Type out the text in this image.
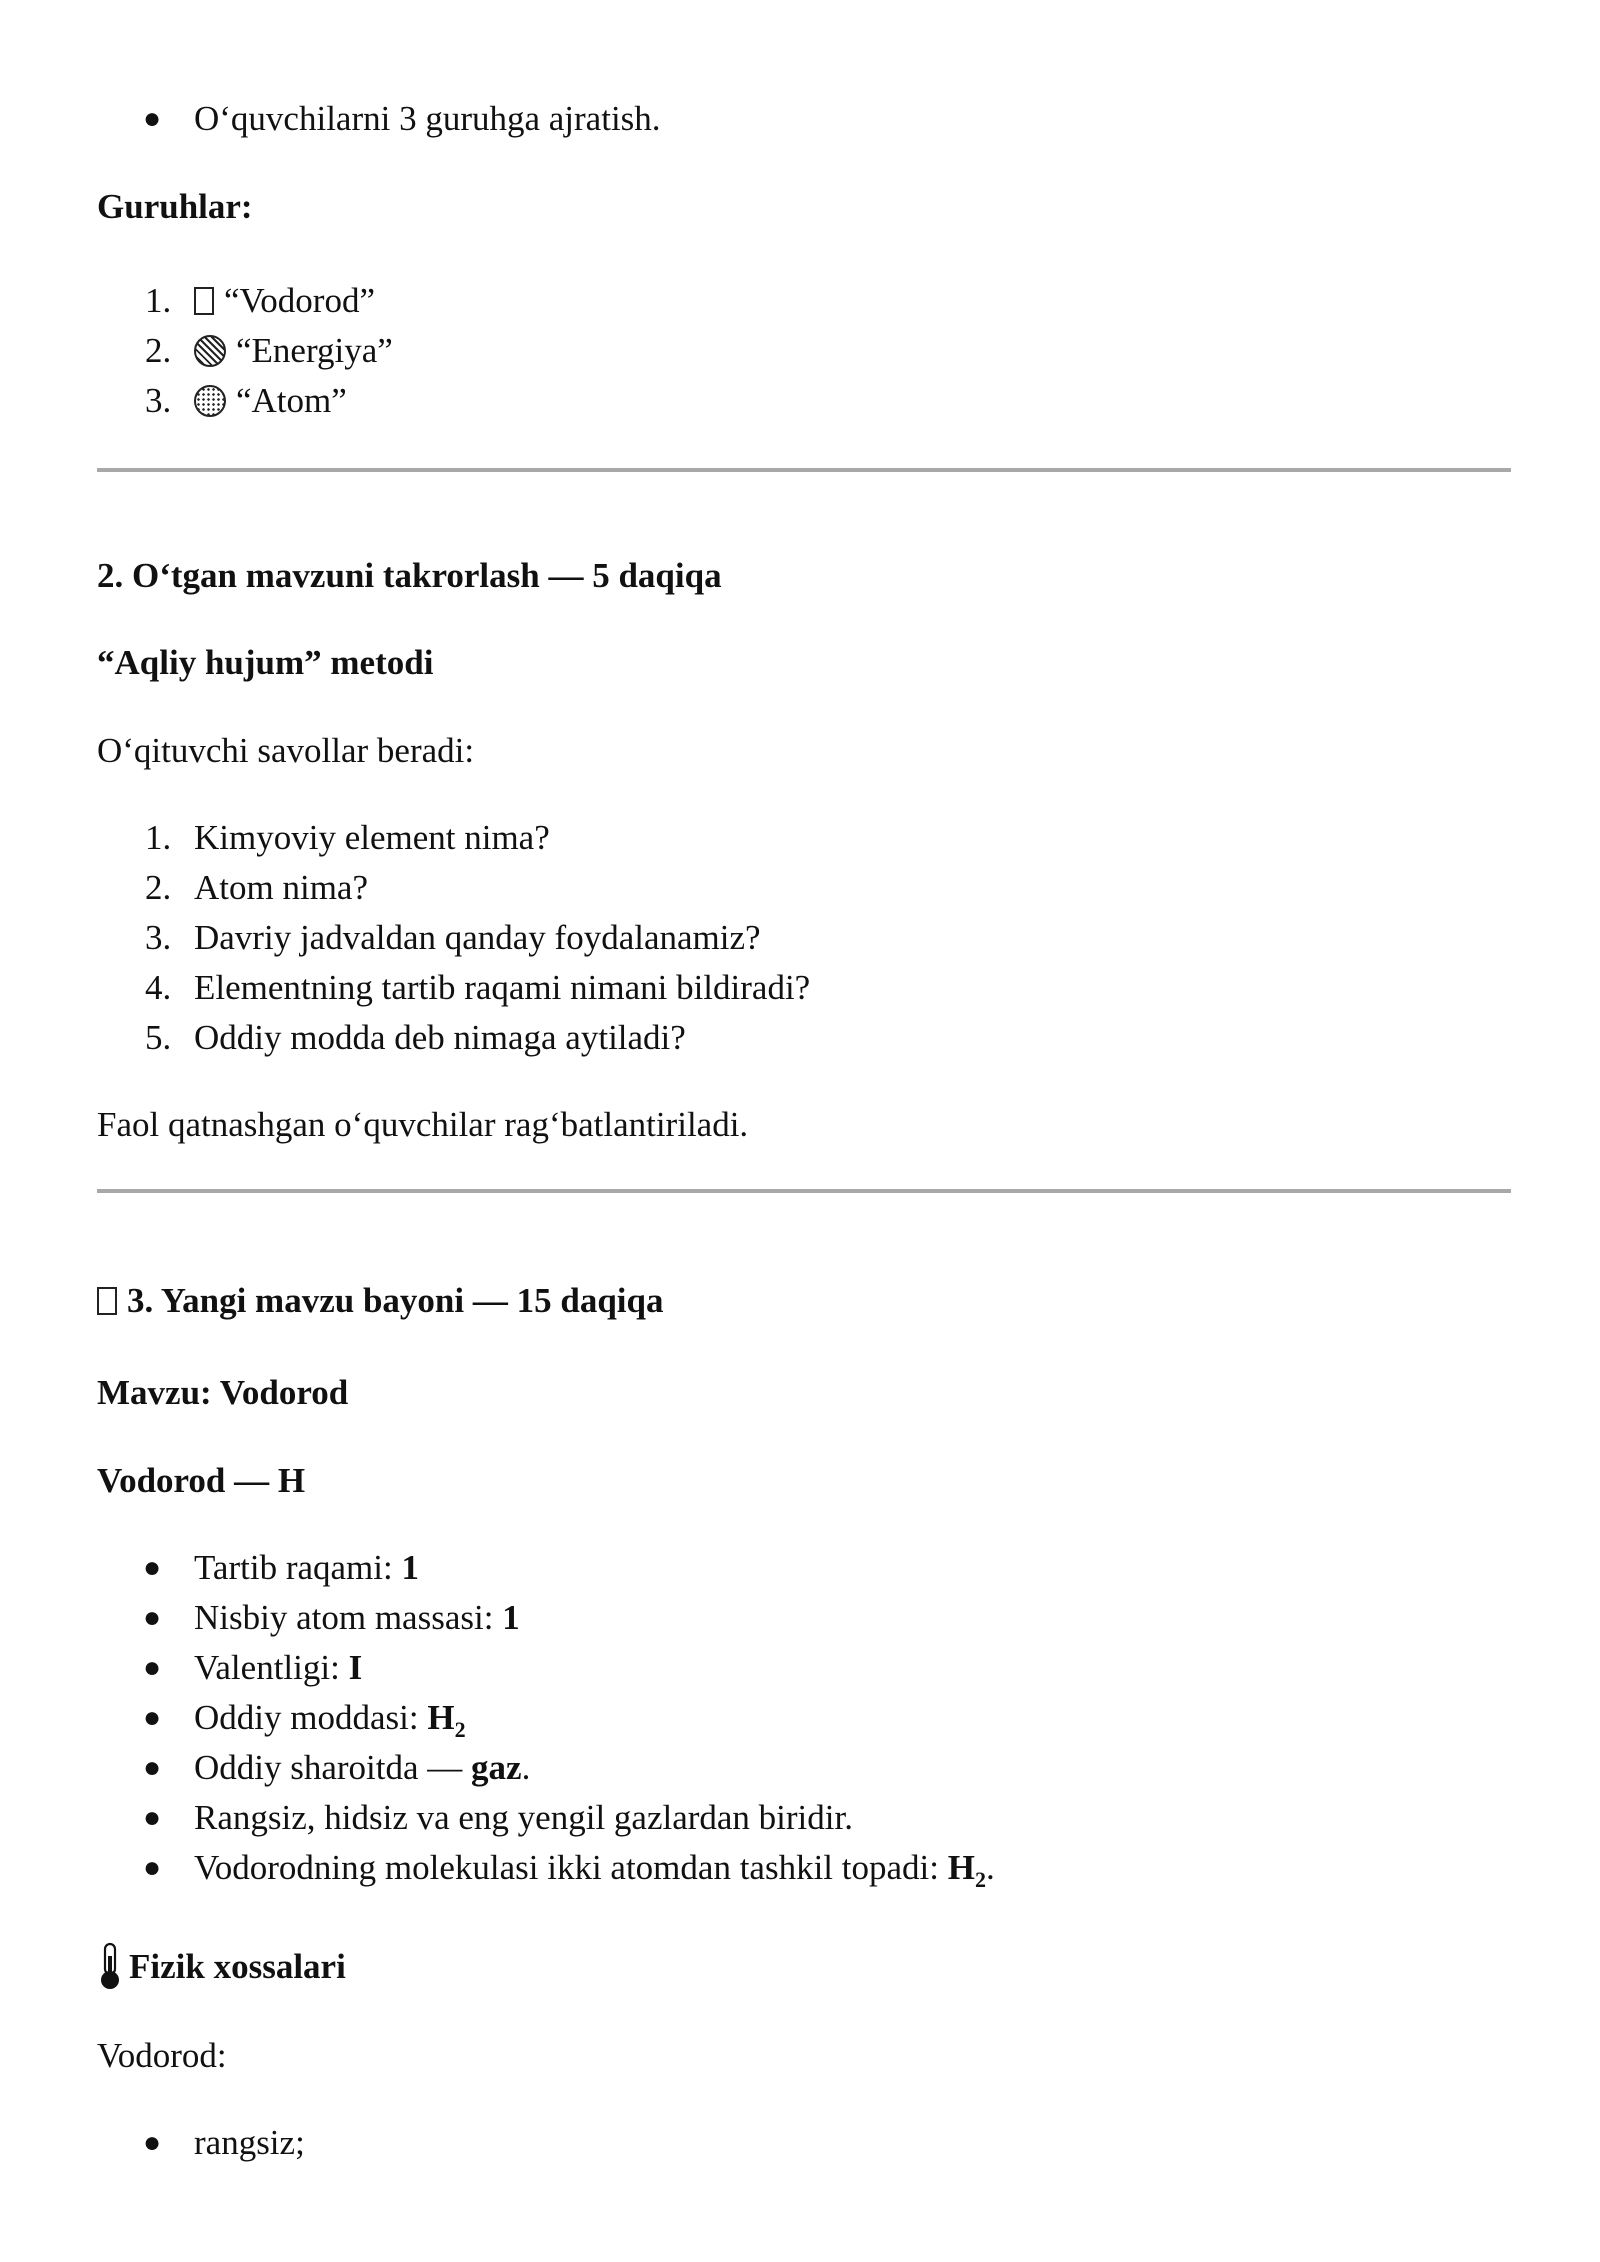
● O‘quvchilarni 3 guruhga ajratish.

Guruhlar:

1. “Vodorod”
2. “Energiya”
3. “Atom”

2. O‘tgan mavzuni takrorlash — 5 daqiqa

“Aqliy hujum” metodi

O‘qituvchi savollar beradi:

1. Kimyoviy element nima?
2. Atom nima?
3. Davriy jadvaldan qanday foydalanamiz?
4. Elementning tartib raqami nimani bildiradi?
5. Oddiy modda deb nimaga aytiladi?

Faol qatnashgan o‘quvchilar rag‘batlantiriladi.

3. Yangi mavzu bayoni — 15 daqiqa

Mavzu: Vodorod

Vodorod — H

● Tartib raqami: 1
● Nisbiy atom massasi: 1
● Valentligi: I
● Oddiy moddasi: $H_2$
● Oddiy sharoitda — gaz.
● Rangsiz, hidsiz va eng yengil gazlardan biridir.
● Vodorodning molekulasi ikki atomdan tashkil topadi: $H_2$.

Fizik xossalari

Vodorod:

● rangsiz;
